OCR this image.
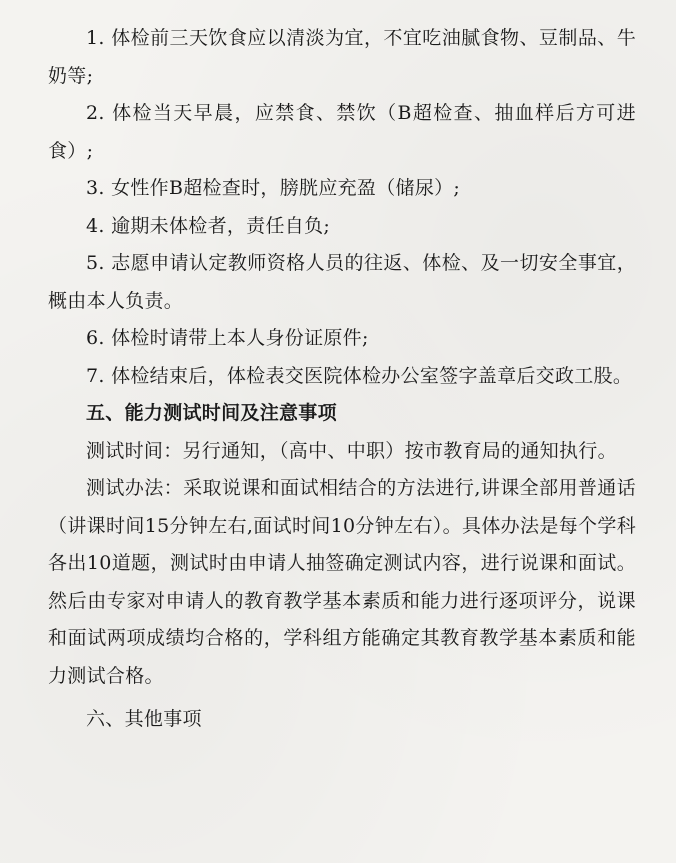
1. 体检前三天饮食应以清淡为宜，不宜吃油腻食物、豆制品、牛奶等;

2. 体检当天早晨，应禁食、禁饮（B超检查、抽血样后方可进食）;

3. 女性作B超检查时，膀胱应充盈（储尿）;

4. 逾期未体检者，责任自负;

5. 志愿申请认定教师资格人员的往返、体检、及一切安全事宜，概由本人负责。

6. 体检时请带上本人身份证原件;

7. 体检结束后，体检表交医院体检办公室签字盖章后交政工股。

五、能力测试时间及注意事项

测试时间：另行通知，（高中、中职）按市教育局的通知执行。

测试办法：采取说课和面试相结合的方法进行,讲课全部用普通话（讲课时间15分钟左右,面试时间10分钟左右）。具体办法是每个学科各出10道题，测试时由申请人抽签确定测试内容，进行说课和面试。然后由专家对申请人的教育教学基本素质和能力进行逐项评分，说课和面试两项成绩均合格的，学科组方能确定其教育教学基本素质和能力测试合格。

六、其他事项
